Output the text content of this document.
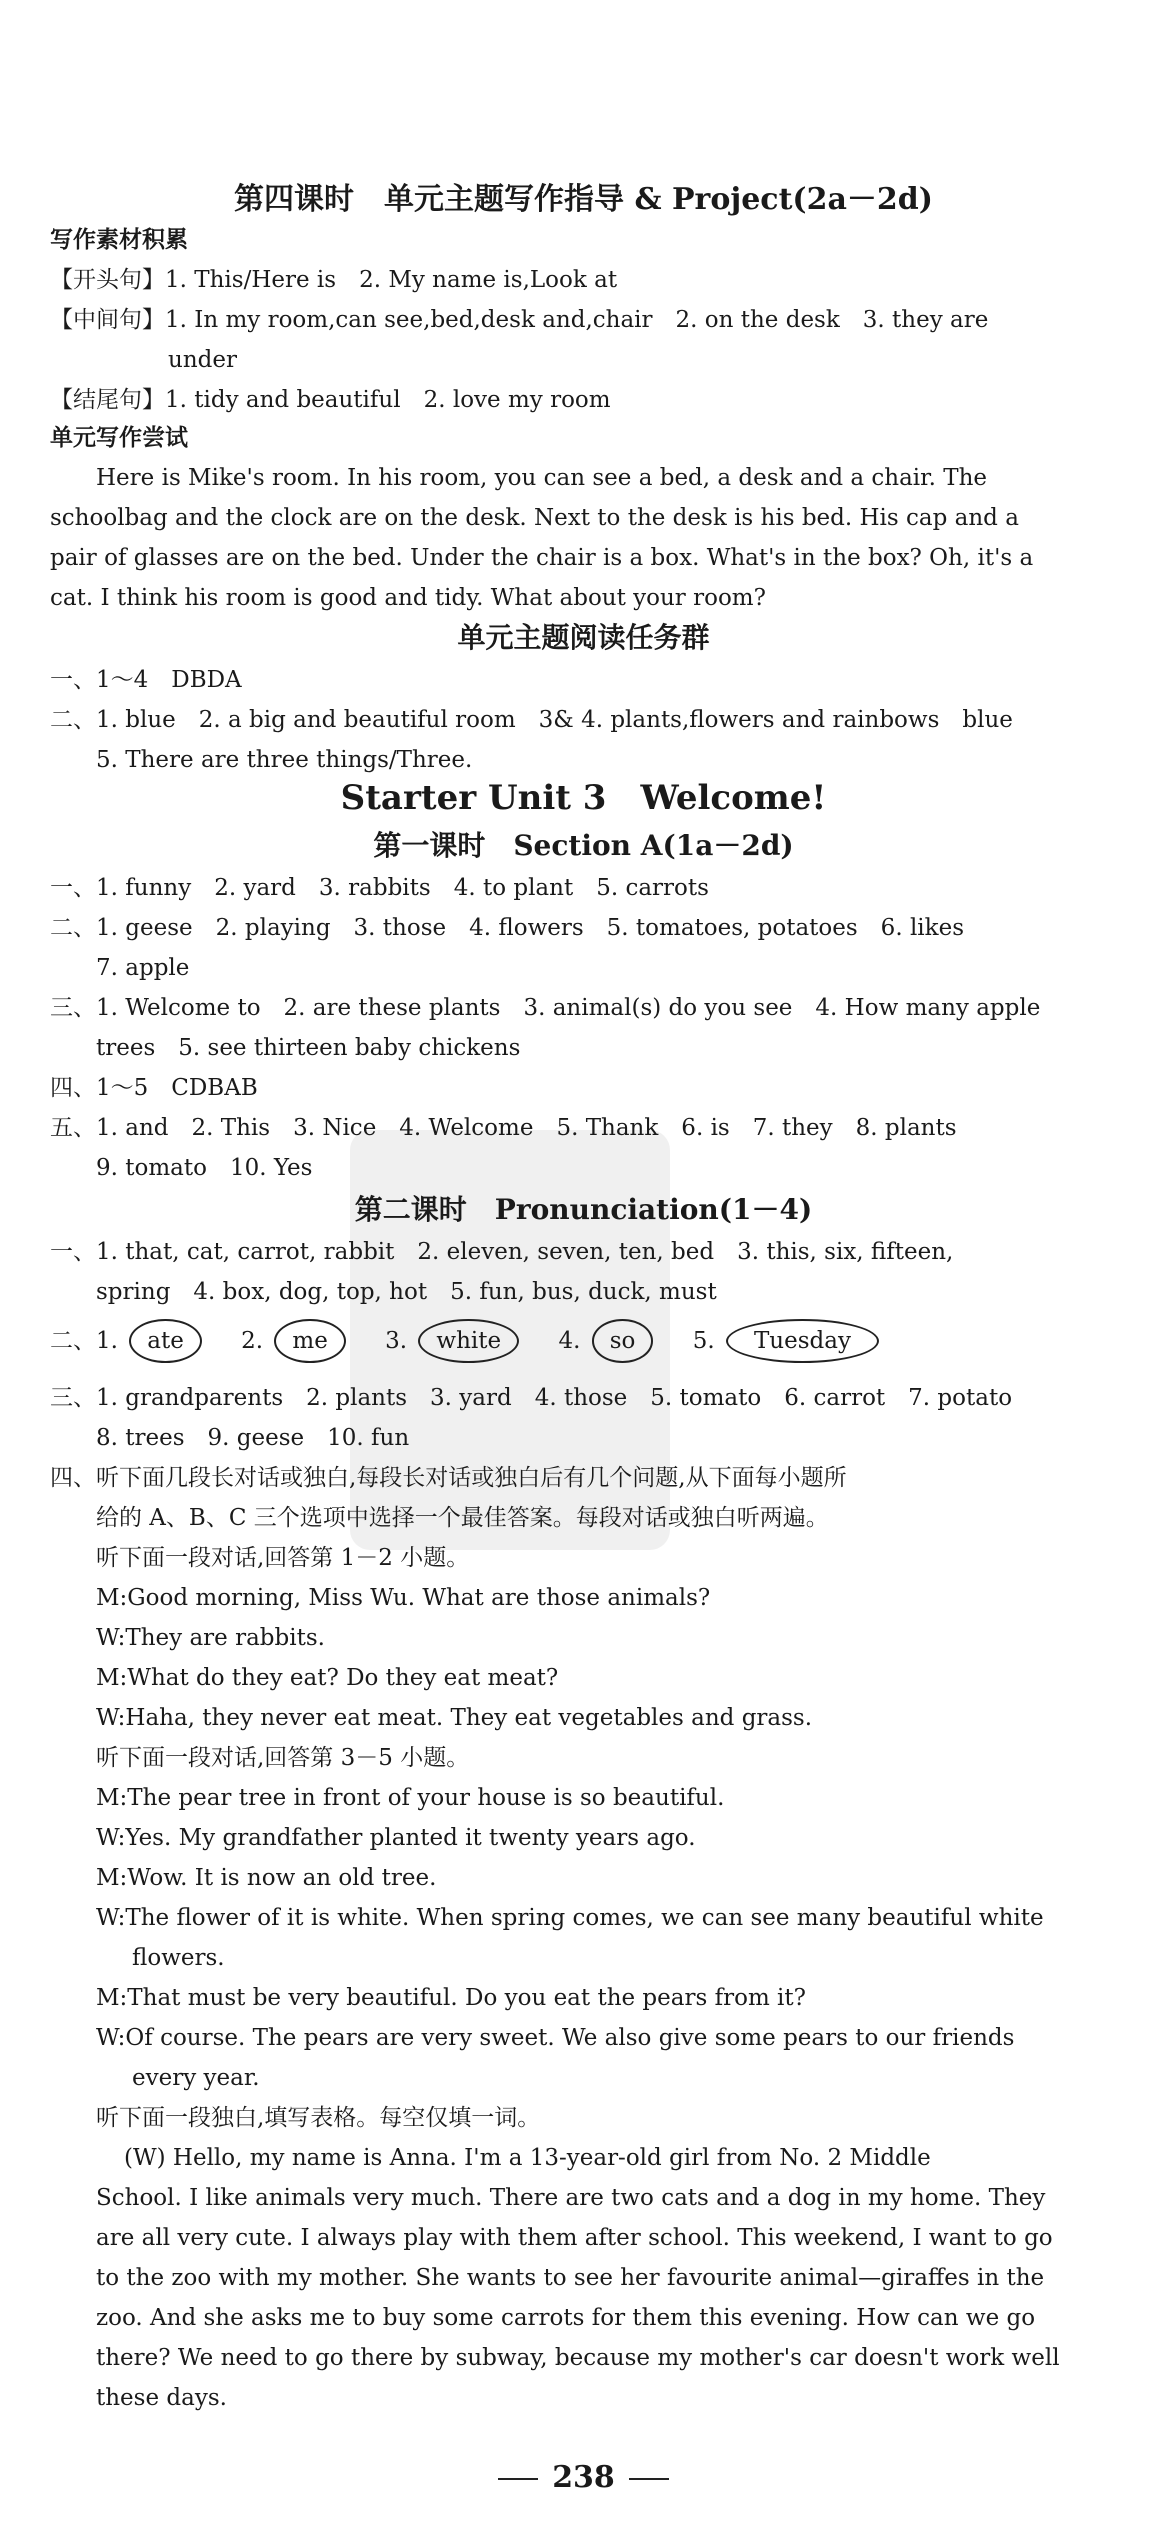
第四课时　单元主题写作指导 & Project(2a－2d)
写作素材积累
【开头句】1. This/Here is　2. My name is,Look at
【中间句】1. In my room,can see,bed,desk and,chair　2. on the desk　3. they are
under
【结尾句】1. tidy and beautiful　2. love my room
单元写作尝试
Here is Mike's room. In his room, you can see a bed, a desk and a chair. The
schoolbag and the clock are on the desk. Next to the desk is his bed. His cap and a
pair of glasses are on the bed. Under the chair is a box. What's in the box? Oh, it's a
cat. I think his room is good and tidy. What about your room?
单元主题阅读任务群
一、1～4　DBDA
二、1. blue　2. a big and beautiful room　3& 4. plants,flowers and rainbows　blue
5. There are three things/Three.
Starter Unit 3　Welcome!
第一课时　Section A(1a－2d)
一、1. funny　2. yard　3. rabbits　4. to plant　5. carrots
二、1. geese　2. playing　3. those　4. flowers　5. tomatoes, potatoes　6. likes
7. apple
三、1. Welcome to　2. are these plants　3. animal(s) do you see　4. How many apple
trees　5. see thirteen baby chickens
四、1～5　CDBAB
五、1. and　2. This　3. Nice　4. Welcome　5. Thank　6. is　7. they　8. plants
9. tomato　10. Yes
第二课时　Pronunciation(1－4)
一、1. that, cat, carrot, rabbit　2. eleven, seven, ten, bed　3. this, six, fifteen,
spring　4. box, dog, top, hot　5. fun, bus, duck, must
二、1. ate 2. me 3. white 4. so 5. Tuesday
三、1. grandparents　2. plants　3. yard　4. those　5. tomato　6. carrot　7. potato
8. trees　9. geese　10. fun
四、听下面几段长对话或独白,每段长对话或独白后有几个问题,从下面每小题所
给的 A、B、C 三个选项中选择一个最佳答案。每段对话或独白听两遍。
听下面一段对话,回答第 1－2 小题。
M:Good morning, Miss Wu. What are those animals?
W:They are rabbits.
M:What do they eat? Do they eat meat?
W:Haha, they never eat meat. They eat vegetables and grass.
听下面一段对话,回答第 3－5 小题。
M:The pear tree in front of your house is so beautiful.
W:Yes. My grandfather planted it twenty years ago.
M:Wow. It is now an old tree.
W:The flower of it is white. When spring comes, we can see many beautiful white
flowers.
M:That must be very beautiful. Do you eat the pears from it?
W:Of course. The pears are very sweet. We also give some pears to our friends
every year.
听下面一段独白,填写表格。每空仅填一词。
(W) Hello, my name is Anna. I'm a 13-year-old girl from No. 2 Middle
School. I like animals very much. There are two cats and a dog in my home. They
are all very cute. I always play with them after school. This weekend, I want to go
to the zoo with my mother. She wants to see her favourite animal—giraffes in the
zoo. And she asks me to buy some carrots for them this evening. How can we go
there? We need to go there by subway, because my mother's car doesn't work well
these days.
238
